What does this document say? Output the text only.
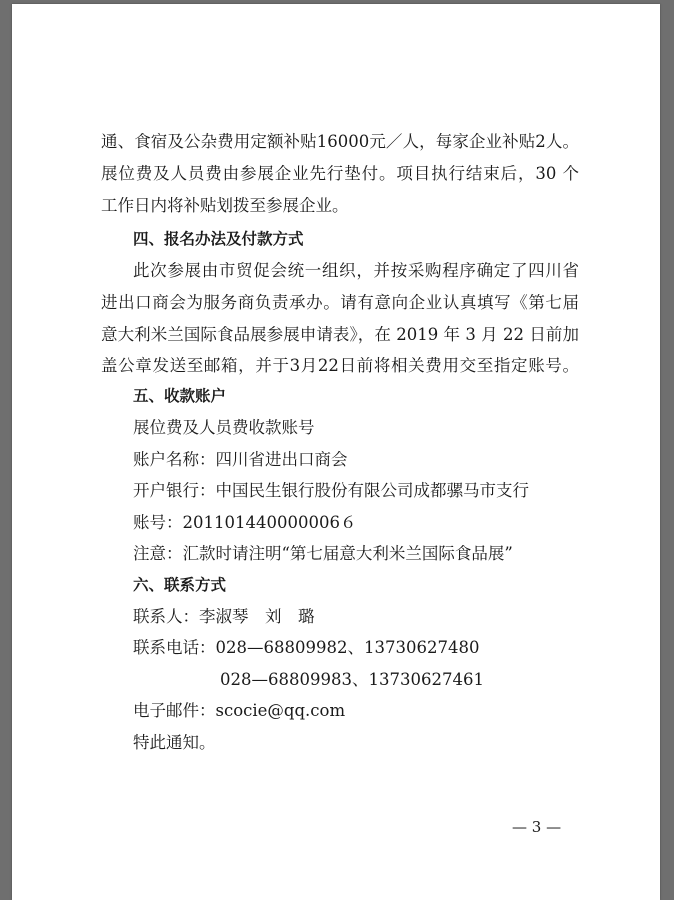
通、食宿及公杂费用定额补贴16000元／人，每家企业补贴2人。
展位费及人员费由参展企业先行垫付。项目执行结束后，30 个
工作日内将补贴划拨至参展企业。
四、报名办法及付款方式
此次参展由市贸促会统一组织，并按采购程序确定了四川省
进出口商会为服务商负责承办。请有意向企业认真填写《第七届
意大利米兰国际食品展参展申请表》，在 2019 年 3 月 22 日前加
盖公章发送至邮箱，并于3月22日前将相关费用交至指定账号。
五、收款账户
展位费及人员费收款账号
账户名称：四川省进出口商会
开户银行：中国民生银行股份有限公司成都骡马市支行
账号：201101440000006６
注意：汇款时请注明“第七届意大利米兰国际食品展”
六、联系方式
联系人：李淑琴　刘　璐
联系电话：028—68809982、13730627480
028—68809983、13730627461
电子邮件：scocie@qq.com
特此通知。
— 3 —
